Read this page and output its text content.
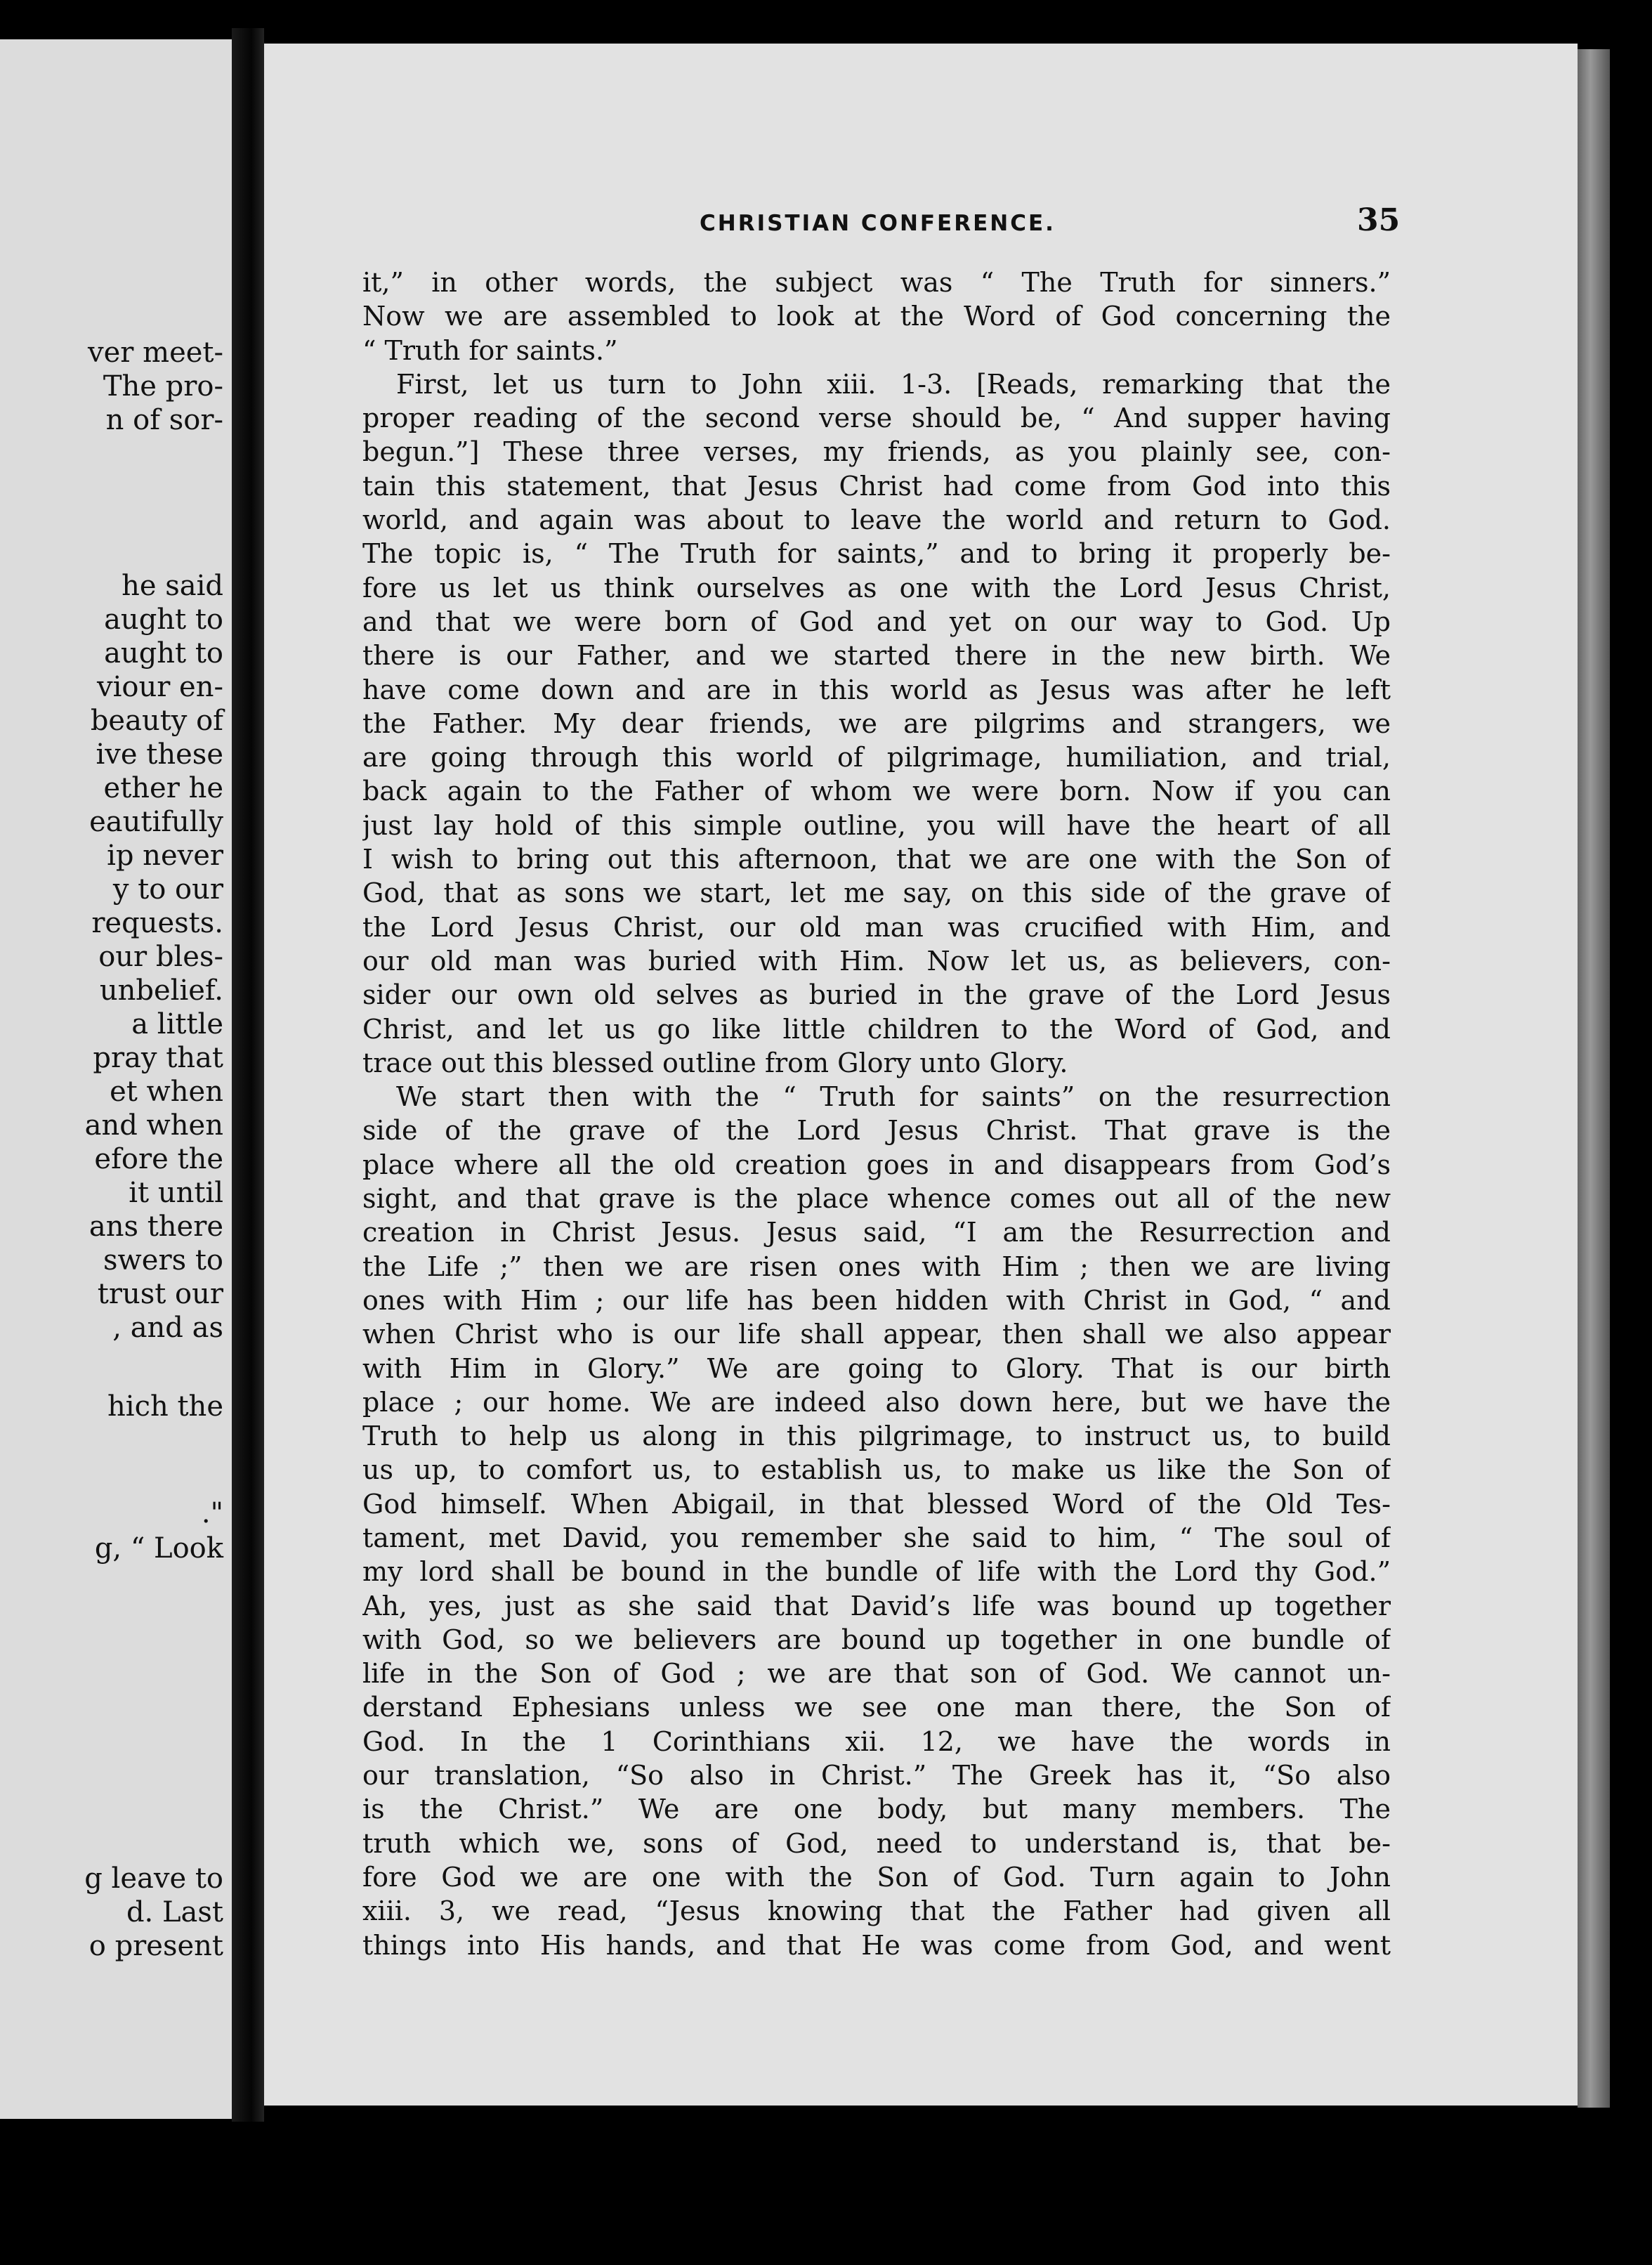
ver meet-
The pro-
n of sor-
he said
aught to
aught to
viour en-
beauty of
ive these
ether he
eautifully
ip never
y to our
requests.
our bles-
unbelief.
a little
pray that
et when
and when
efore the
it until
ans there
swers to
trust our
, and as
hich the
."
g, “ Look
g leave to
d. Last
o present
CHRISTIAN CONFERENCE.	35
it,” in other words, the subject was “ The Truth for sinners.”
Now we are assembled to look at the Word of God concerning the
“ Truth for saints.”
First, let us turn to John xiii. 1-3. [Reads, remarking that the
proper reading of the second verse should be, “ And supper having
begun.”] These three verses, my friends, as you plainly see, con-
tain this statement, that Jesus Christ had come from God into this
world, and again was about to leave the world and return to God.
The topic is, “ The Truth for saints,” and to bring it properly be-
fore us let us think ourselves as one with the Lord Jesus Christ,
and that we were born of God and yet on our way to God. Up
there is our Father, and we started there in the new birth. We
have come down and are in this world as Jesus was after he left
the Father. My dear friends, we are pilgrims and strangers, we
are going through this world of pilgrimage, humiliation, and trial,
back again to the Father of whom we were born. Now if you can
just lay hold of this simple outline, you will have the heart of all
I wish to bring out this afternoon, that we are one with the Son of
God, that as sons we start, let me say, on this side of the grave of
the Lord Jesus Christ, our old man was crucified with Him, and
our old man was buried with Him. Now let us, as believers, con-
sider our own old selves as buried in the grave of the Lord Jesus
Christ, and let us go like little children to the Word of God, and
trace out this blessed outline from Glory unto Glory.
We start then with the “ Truth for saints” on the resurrection
side of the grave of the Lord Jesus Christ. That grave is the
place where all the old creation goes in and disappears from God’s
sight, and that grave is the place whence comes out all of the new
creation in Christ Jesus. Jesus said, “I am the Resurrection and
the Life ;” then we are risen ones with Him ; then we are living
ones with Him ; our life has been hidden with Christ in God, “ and
when Christ who is our life shall appear, then shall we also appear
with Him in Glory.” We are going to Glory. That is our birth
place ; our home. We are indeed also down here, but we have the
Truth to help us along in this pilgrimage, to instruct us, to build
us up, to comfort us, to establish us, to make us like the Son of
God himself. When Abigail, in that blessed Word of the Old Tes-
tament, met David, you remember she said to him, “ The soul of
my lord shall be bound in the bundle of life with the Lord thy God.”
Ah, yes, just as she said that David’s life was bound up together
with God, so we believers are bound up together in one bundle of
life in the Son of God ; we are that son of God. We cannot un-
derstand Ephesians unless we see one man there, the Son of
God. In the 1 Corinthians xii. 12, we have the words in
our translation, “So also in Christ.” The Greek has it, “So also
is the Christ.” We are one body, but many members. The
truth which we, sons of God, need to understand is, that be-
fore God we are one with the Son of God. Turn again to John
xiii. 3, we read, “Jesus knowing that the Father had given all
things into His hands, and that He was come from God, and went
